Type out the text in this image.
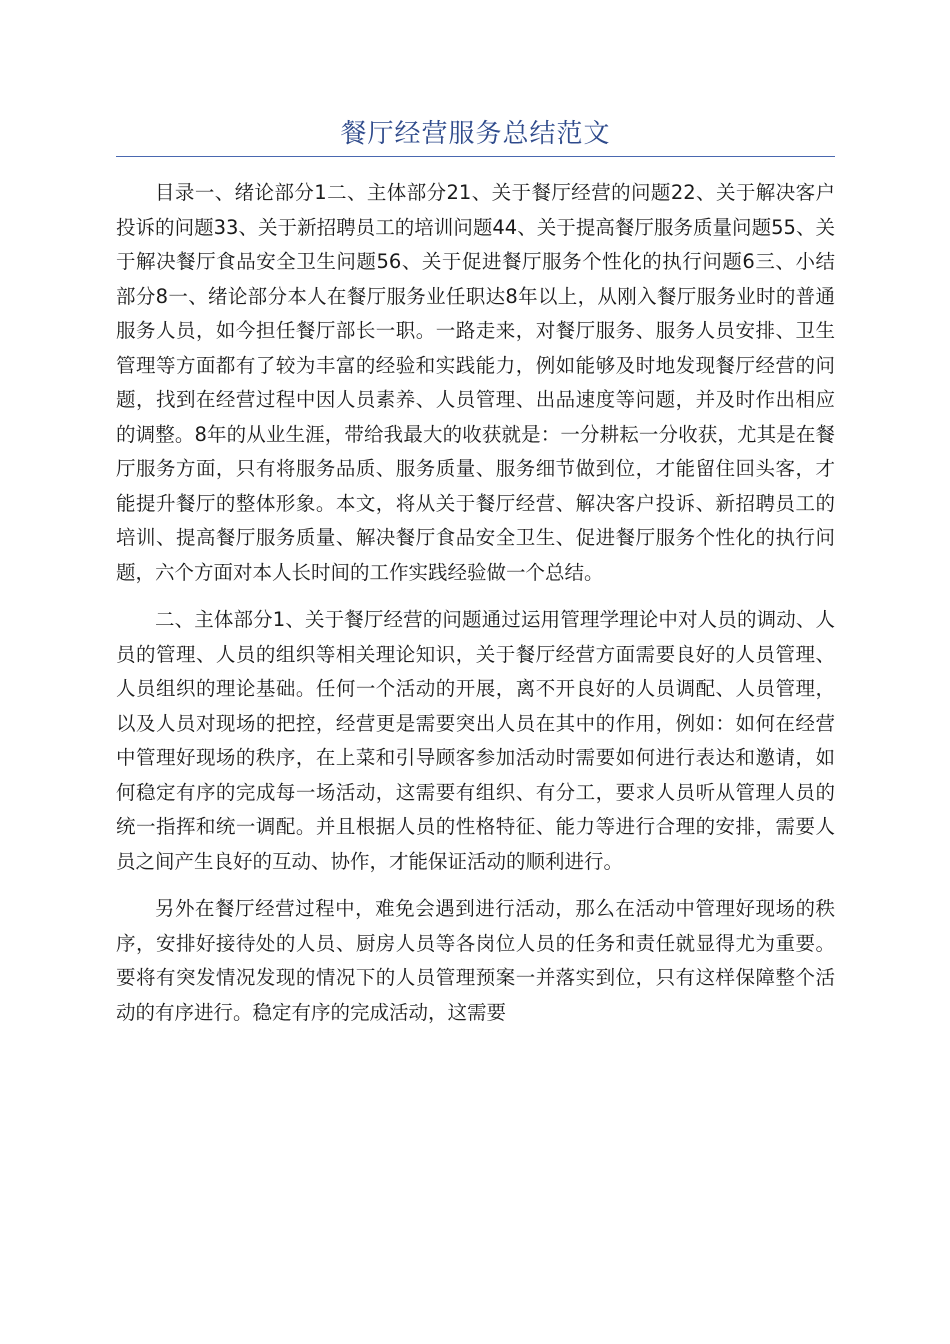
餐厅经营服务总结范文

目录一、绪论部分1二、主体部分21、关于餐厅经营的问题22、关于解决客户投诉的问题33、关于新招聘员工的培训问题44、关于提高餐厅服务质量问题55、关于解决餐厅食品安全卫生问题56、关于促进餐厅服务个性化的执行问题6三、小结部分8一、绪论部分本人在餐厅服务业任职达8年以上，从刚入餐厅服务业时的普通服务人员，如今担任餐厅部长一职。一路走来，对餐厅服务、服务人员安排、卫生管理等方面都有了较为丰富的经验和实践能力，例如能够及时地发现餐厅经营的问题，找到在经营过程中因人员素养、人员管理、出品速度等问题，并及时作出相应的调整。8年的从业生涯，带给我最大的收获就是：一分耕耘一分收获，尤其是在餐厅服务方面，只有将服务品质、服务质量、服务细节做到位，才能留住回头客，才能提升餐厅的整体形象。本文，将从关于餐厅经营、解决客户投诉、新招聘员工的培训、提高餐厅服务质量、解决餐厅食品安全卫生、促进餐厅服务个性化的执行问题，六个方面对本人长时间的工作实践经验做一个总结。

二、主体部分1、关于餐厅经营的问题通过运用管理学理论中对人员的调动、人员的管理、人员的组织等相关理论知识，关于餐厅经营方面需要良好的人员管理、人员组织的理论基础。任何一个活动的开展，离不开良好的人员调配、人员管理，以及人员对现场的把控，经营更是需要突出人员在其中的作用，例如：如何在经营中管理好现场的秩序，在上菜和引导顾客参加活动时需要如何进行表达和邀请，如何稳定有序的完成每一场活动，这需要有组织、有分工，要求人员听从管理人员的统一指挥和统一调配。并且根据人员的性格特征、能力等进行合理的安排，需要人员之间产生良好的互动、协作，才能保证活动的顺利进行。

另外在餐厅经营过程中，难免会遇到进行活动，那么在活动中管理好现场的秩序，安排好接待处的人员、厨房人员等各岗位人员的任务和责任就显得尤为重要。要将有突发情况发现的情况下的人员管理预案一并落实到位，只有这样保障整个活动的有序进行。稳定有序的完成活动，这需要
